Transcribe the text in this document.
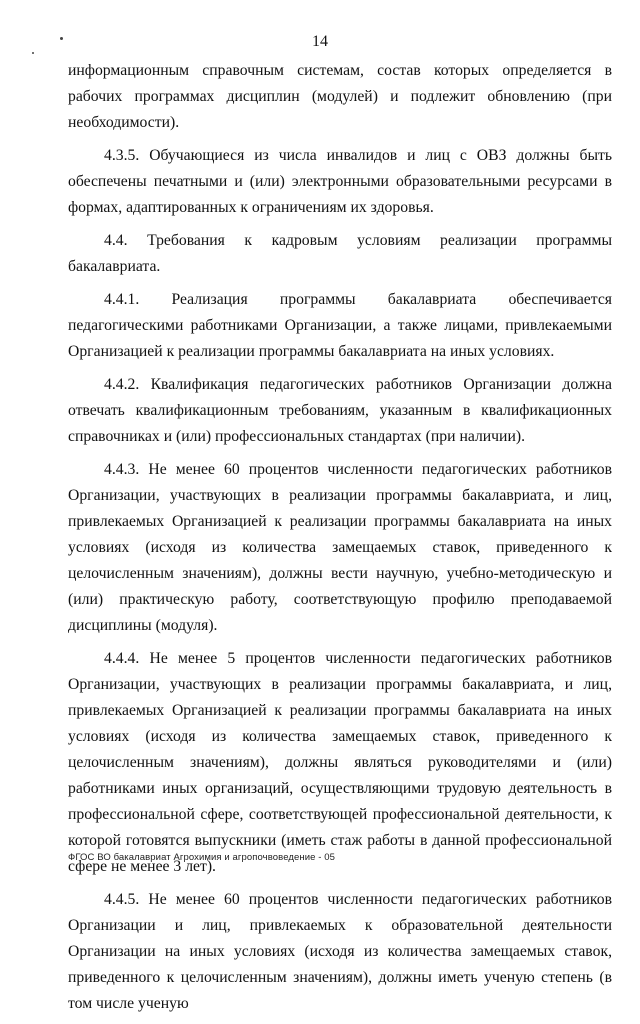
14

информационным справочным системам, состав которых определяется в рабочих программах дисциплин (модулей) и подлежит обновлению (при необходимости).

4.3.5. Обучающиеся из числа инвалидов и лиц с ОВЗ должны быть обеспечены печатными и (или) электронными образовательными ресурсами в формах, адаптированных к ограничениям их здоровья.

4.4. Требования к кадровым условиям реализации программы бакалавриата.

4.4.1. Реализация программы бакалавриата обеспечивается педагогическими работниками Организации, а также лицами, привлекаемыми Организацией к реализации программы бакалавриата на иных условиях.

4.4.2. Квалификация педагогических работников Организации должна отвечать квалификационным требованиям, указанным в квалификационных справочниках и (или) профессиональных стандартах (при наличии).

4.4.3. Не менее 60 процентов численности педагогических работников Организации, участвующих в реализации программы бакалавриата, и лиц, привлекаемых Организацией к реализации программы бакалавриата на иных условиях (исходя из количества замещаемых ставок, приведенного к целочисленным значениям), должны вести научную, учебно-методическую и (или) практическую работу, соответствующую профилю преподаваемой дисциплины (модуля).

4.4.4. Не менее 5 процентов численности педагогических работников Организации, участвующих в реализации программы бакалавриата, и лиц, привлекаемых Организацией к реализации программы бакалавриата на иных условиях (исходя из количества замещаемых ставок, приведенного к целочисленным значениям), должны являться руководителями и (или) работниками иных организаций, осуществляющими трудовую деятельность в профессиональной сфере, соответствующей профессиональной деятельности, к которой готовятся выпускники (иметь стаж работы в данной профессиональной сфере не менее 3 лет).

4.4.5. Не менее 60 процентов численности педагогических работников Организации и лиц, привлекаемых к образовательной деятельности Организации на иных условиях (исходя из количества замещаемых ставок, приведенного к целочисленным значениям), должны иметь ученую степень (в том числе ученую

ФГОС ВО бакалавриат Агрохимия и агропочвоведение - 05
